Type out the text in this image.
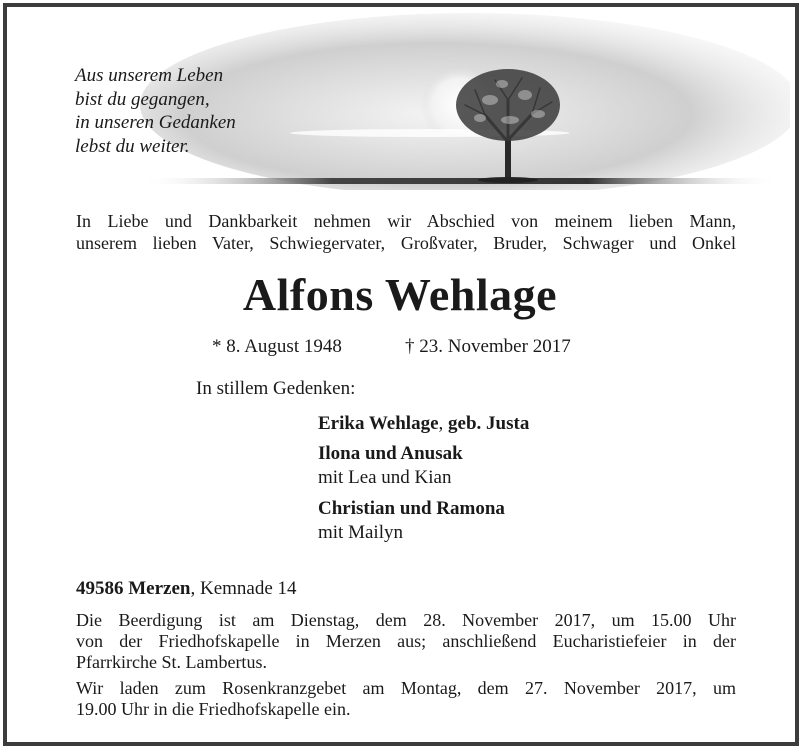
Aus unserem Leben
bist du gegangen,
in unseren Gedanken
lebst du weiter.
In Liebe und Dankbarkeit nehmen wir Abschied von meinem lieben Mann,
unserem lieben Vater, Schwiegervater, Großvater, Bruder, Schwager und Onkel
Alfons Wehlage
* 8. August 1948	† 23. November 2017
In stillem Gedenken:
Erika Wehlage, geb. Justa
Ilona und Anusak
mit Lea und Kian
Christian und Ramona
mit Mailyn
49586 Merzen, Kemnade 14
Die Beerdigung ist am Dienstag, dem 28. November 2017, um 15.00 Uhr
von der Friedhofskapelle in Merzen aus; anschließend Eucharistiefeier in der
Pfarrkirche St. Lambertus.
Wir laden zum Rosenkranzgebet am Montag, dem 27. November 2017, um
19.00 Uhr in die Friedhofskapelle ein.
